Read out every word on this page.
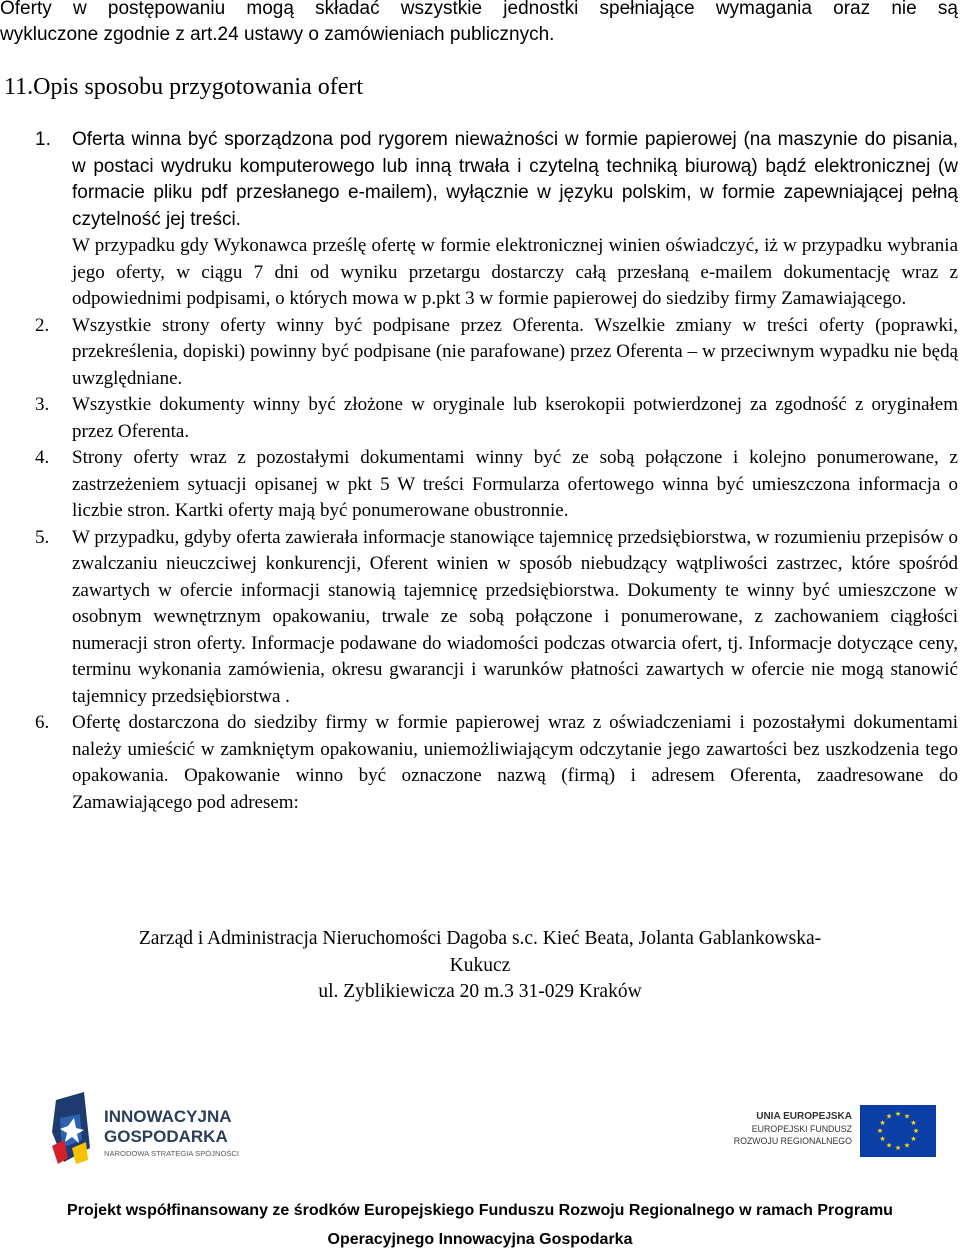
Oferty w postępowaniu mogą składać wszystkie jednostki spełniające wymagania oraz nie są
wykluczone zgodnie z art.24 ustawy o zamówieniach publicznych.
11.Opis sposobu przygotowania ofert
1. Oferta winna być sporządzona pod rygorem nieważności w formie papierowej (na maszynie do pisania, w postaci wydruku komputerowego lub inną trwała i czytelną techniką biurową) bądź elektronicznej (w formacie pliku pdf przesłanego e-mailem), wyłącznie w języku polskim, w formie zapewniającej pełną czytelność jej treści.

W przypadku gdy Wykonawca prześlę ofertę w formie elektronicznej winien oświadczyć, iż w przypadku wybrania jego oferty, w ciągu 7 dni od wyniku przetargu dostarczy całą przesłaną e-mailem dokumentację wraz z odpowiednimi podpisami, o których mowa w p.pkt 3 w formie papierowej do siedziby firmy Zamawiającego.

2. Wszystkie strony oferty winny być podpisane przez Oferenta. Wszelkie zmiany w treści oferty (poprawki, przekreślenia, dopiski) powinny być podpisane (nie parafowane) przez Oferenta – w przeciwnym wypadku nie będą uwzględniane.

3. Wszystkie dokumenty winny być złożone w oryginale lub kserokopii potwierdzonej za zgodność z oryginałem przez Oferenta.

4. Strony oferty wraz z pozostałymi dokumentami winny być ze sobą połączone i kolejno ponumerowane, z zastrzeżeniem sytuacji opisanej w pkt 5 W treści Formularza ofertowego winna być umieszczona informacja o liczbie stron. Kartki oferty mają być ponumerowane obustronnie.

5. W przypadku, gdyby oferta zawierała informacje stanowiące tajemnicę przedsiębiorstwa, w rozumieniu przepisów o zwalczaniu nieuczciwej konkurencji, Oferent winien w sposób niebudzący wątpliwości zastrzec, które spośród zawartych w ofercie informacji stanowią tajemnicę przedsiębiorstwa. Dokumenty te winny być umieszczone w osobnym wewnętrznym opakowaniu, trwale ze sobą połączone i ponumerowane, z zachowaniem ciągłości numeracji stron oferty. Informacje podawane do wiadomości podczas otwarcia ofert, tj. Informacje dotyczące ceny, terminu wykonania zamówienia, okresu gwarancji i warunków płatności zawartych w ofercie nie mogą stanowić tajemnicy przedsiębiorstwa .

6. Ofertę dostarczona do siedziby firmy w formie papierowej wraz z oświadczeniami i pozostałymi dokumentami należy umieścić w zamkniętym opakowaniu, uniemożliwiającym odczytanie jego zawartości bez uszkodzenia tego opakowania. Opakowanie winno być oznaczone nazwą (firmą) i adresem Oferenta, zaadresowane do Zamawiającego pod adresem:

Zarząd i Administracja Nieruchomości Dagoba s.c. Kieć Beata, Jolanta Gablankowska-
Kukucz
ul. Zyblikiewicza 20 m.3 31-029 Kraków
INNOWACYJNA
GOSPODARKA
NARODOWA STRATEGIA SPÓJNOŚCI
UNIA EUROPEJSKA
EUROPEJSKI FUNDUSZ
ROZWOJU REGIONALNEGO
★ ★
★
★
★
★
★
★
★
★
★
★
Projekt współfinansowany ze środków Europejskiego Funduszu Rozwoju Regionalnego w ramach Programu
Operacyjnego Innowacyjna Gospodarka
